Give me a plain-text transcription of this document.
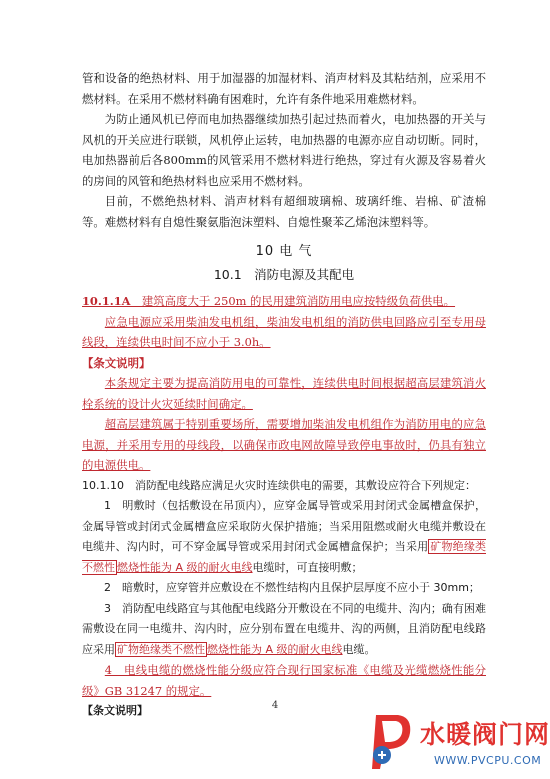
管和设备的绝热材料、用于加湿器的加湿材料、消声材料及其粘结剂，应采用不燃材料。在采用不燃材料确有困难时，允许有条件地采用难燃材料。

为防止通风机已停而电加热器继续加热引起过热而着火，电加热器的开关与风机的开关应进行联锁，风机停止运转，电加热器的电源亦应自动切断。同时，电加热器前后各800mm的风管采用不燃材料进行绝热，穿过有火源及容易着火的房间的风管和绝热材料也应采用不燃材料。

目前，不燃绝热材料、消声材料有超细玻璃棉、玻璃纤维、岩棉、矿渣棉等。难燃材料有自熄性聚氨脂泡沫塑料、自熄性聚苯乙烯泡沫塑料等。

10 电 气
10.1　消防电源及其配电

10.1.1A　建筑高度大于 250m 的民用建筑消防用电应按特级负荷供电。

应急电源应采用柴油发电机组，柴油发电机组的消防供电回路应引至专用母线段，连续供电时间不应小于 3.0h。

【条文说明】

本条规定主要为提高消防用电的可靠性，连续供电时间根据超高层建筑消火栓系统的设计火灾延续时间确定。

超高层建筑属于特别重要场所，需要增加柴油发电机组作为消防用电的应急电源，并采用专用的母线段，以确保市政电网故障导致停电事故时，仍具有独立的电源供电。

10.1.10　消防配电线路应满足火灾时连续供电的需要，其敷设应符合下列规定：

1　明敷时（包括敷设在吊顶内），应穿金属导管或采用封闭式金属槽盒保护，金属导管或封闭式金属槽盒应采取防火保护措施；当采用阻燃或耐火电缆并敷设在电缆井、沟内时，可不穿金属导管或采用封闭式金属槽盒保护；当采用 矿物绝缘类不燃性 燃烧性能为 A 级的耐火电线电缆时，可直接明敷；

2　暗敷时，应穿管并应敷设在不燃性结构内且保护层厚度不应小于 30mm；

3　消防配电线路宜与其他配电线路分开敷设在不同的电缆井、沟内；确有困难需敷设在同一电缆井、沟内时，应分别布置在电缆井、沟的两侧，且消防配电线路应采用 矿物绝缘类不燃性 燃烧性能为 A 级的耐火电线电缆。

4　电线电缆的燃烧性能分级应符合现行国家标准《电缆及光缆燃烧性能分级》GB 31247 的规定。

【条文说明】	4
水暖阀门网
WWW.PVCPU.COM
